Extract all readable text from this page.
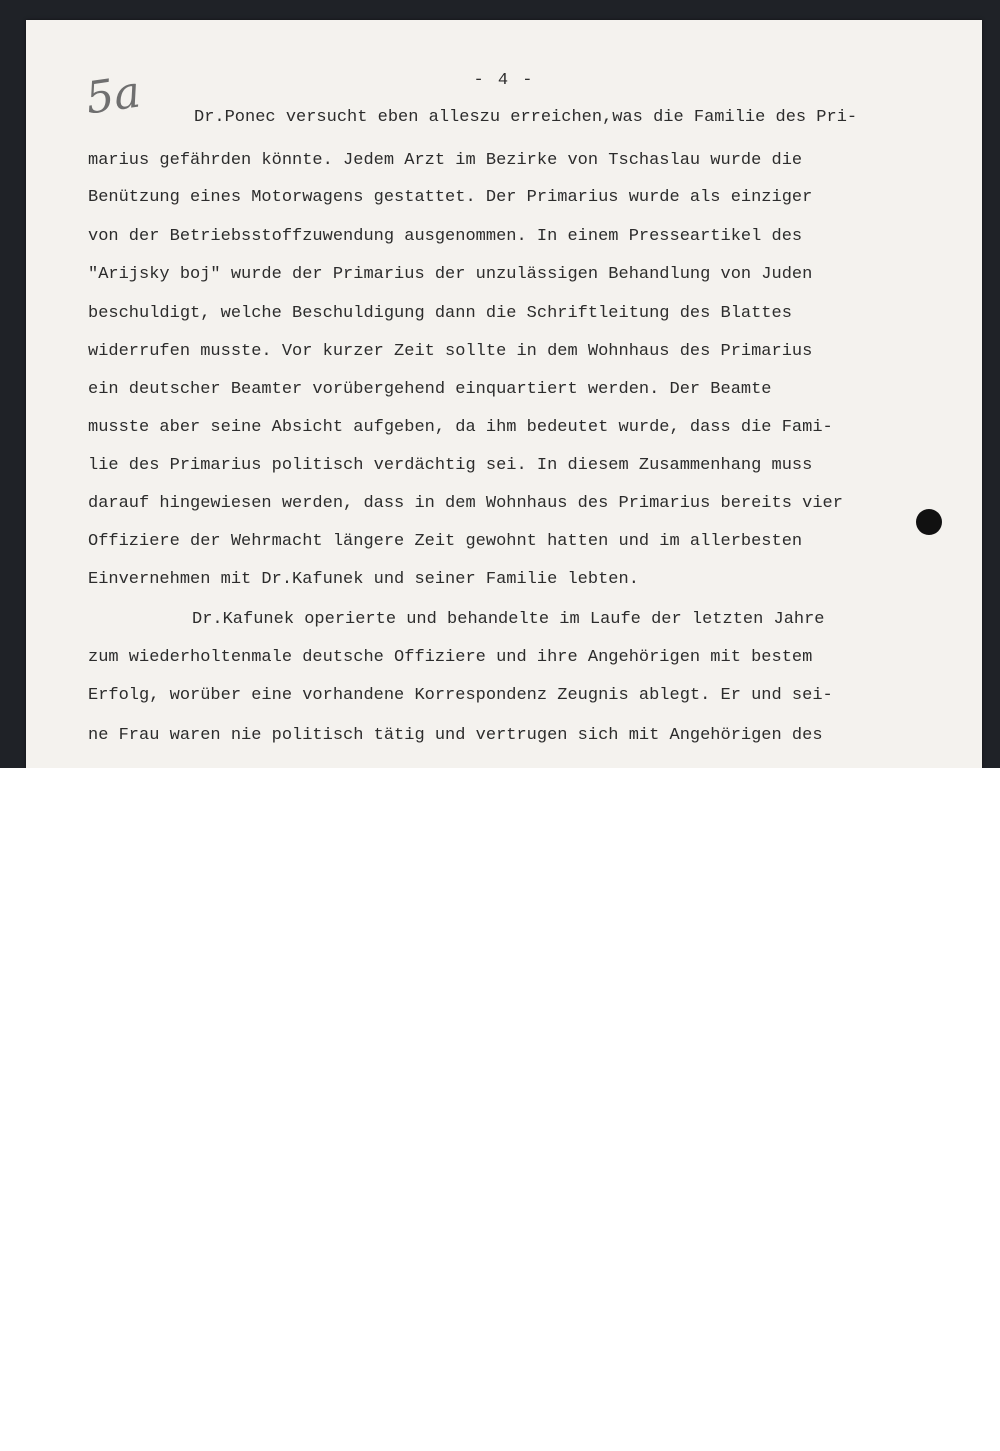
5a	- 4 -
Dr.Ponec versucht eben alleszu erreichen,was die Familie des Pri-
marius gefährden könnte. Jedem Arzt im Bezirke von Tschaslau wurde die
Benützung eines Motorwagens gestattet. Der Primarius wurde als einziger
von der Betriebsstoffzuwendung ausgenommen. In einem Presseartikel des
"Arijsky boj" wurde der Primarius der unzulässigen Behandlung von Juden
beschuldigt, welche Beschuldigung dann die Schriftleitung des Blattes
widerrufen musste. Vor kurzer Zeit sollte in dem Wohnhaus des Primarius
ein deutscher Beamter vorübergehend einquartiert werden. Der Beamte
musste aber seine Absicht aufgeben, da ihm bedeutet wurde, dass die Fami-
lie des Primarius politisch verdächtig sei. In diesem Zusammenhang muss
darauf hingewiesen werden, dass in dem Wohnhaus des Primarius bereits vier
Offiziere der Wehrmacht längere Zeit gewohnt hatten und im allerbesten
Einvernehmen mit Dr.Kafunek und seiner Familie lebten.
Dr.Kafunek operierte und behandelte im Laufe der letzten Jahre
zum wiederholtenmale deutsche Offiziere und ihre Angehörigen mit bestem
Erfolg, worüber eine vorhandene Korrespondenz Zeugnis ablegt. Er und sei-
ne Frau waren nie politisch tätig und vertrugen sich mit Angehörigen des
